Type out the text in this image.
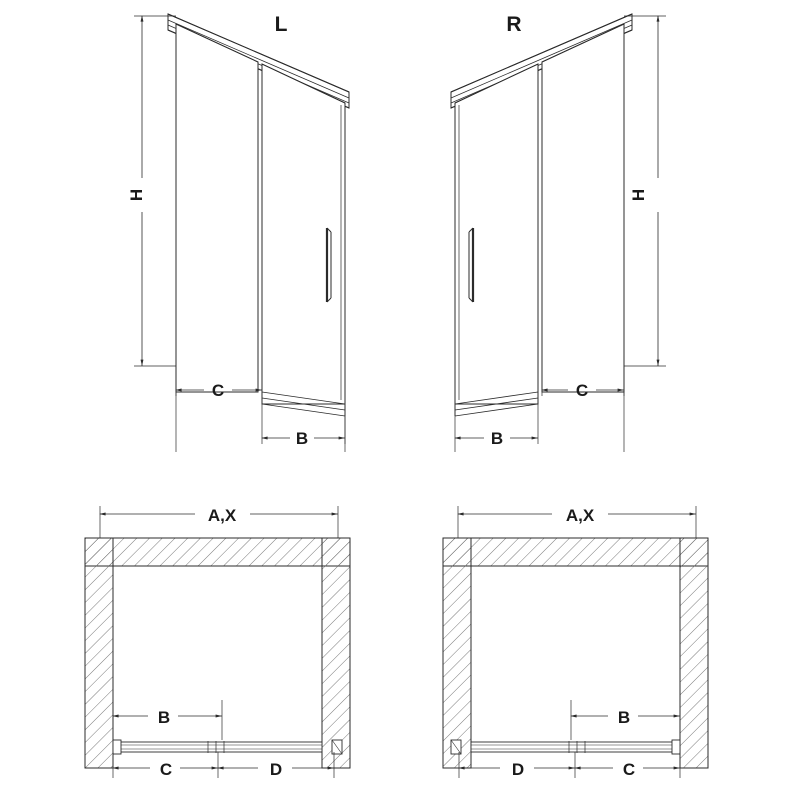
L	R
H
C
B
H
C
B
A,X
B
C	D
A,X
B
D	C
